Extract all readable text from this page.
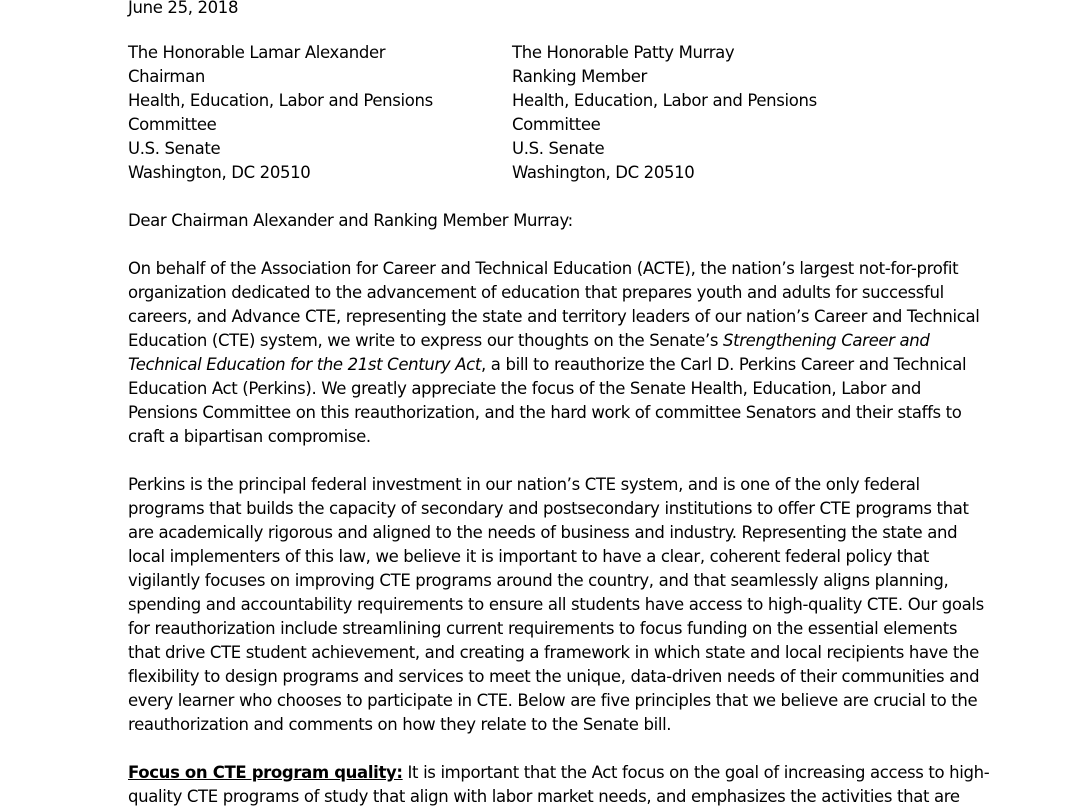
June 25, 2018
The Honorable Lamar Alexander
Chairman
Health, Education, Labor and Pensions
Committee
U.S. Senate
Washington, DC 20510
The Honorable Patty Murray
Ranking Member
Health, Education, Labor and Pensions
Committee
U.S. Senate
Washington, DC 20510
Dear Chairman Alexander and Ranking Member Murray:
On behalf of the Association for Career and Technical Education (ACTE), the nation’s largest not-for-profit
organization dedicated to the advancement of education that prepares youth and adults for successful
careers, and Advance CTE, representing the state and territory leaders of our nation’s Career and Technical
Education (CTE) system, we write to express our thoughts on the Senate’s Strengthening Career and
Technical Education for the 21st Century Act, a bill to reauthorize the Carl D. Perkins Career and Technical
Education Act (Perkins). We greatly appreciate the focus of the Senate Health, Education, Labor and
Pensions Committee on this reauthorization, and the hard work of committee Senators and their staffs to
craft a bipartisan compromise.
Perkins is the principal federal investment in our nation’s CTE system, and is one of the only federal
programs that builds the capacity of secondary and postsecondary institutions to offer CTE programs that
are academically rigorous and aligned to the needs of business and industry. Representing the state and
local implementers of this law, we believe it is important to have a clear, coherent federal policy that
vigilantly focuses on improving CTE programs around the country, and that seamlessly aligns planning,
spending and accountability requirements to ensure all students have access to high-quality CTE. Our goals
for reauthorization include streamlining current requirements to focus funding on the essential elements
that drive CTE student achievement, and creating a framework in which state and local recipients have the
flexibility to design programs and services to meet the unique, data-driven needs of their communities and
every learner who chooses to participate in CTE. Below are five principles that we believe are crucial to the
reauthorization and comments on how they relate to the Senate bill.
Focus on CTE program quality: It is important that the Act focus on the goal of increasing access to high-
quality CTE programs of study that align with labor market needs, and emphasizes the activities that are
